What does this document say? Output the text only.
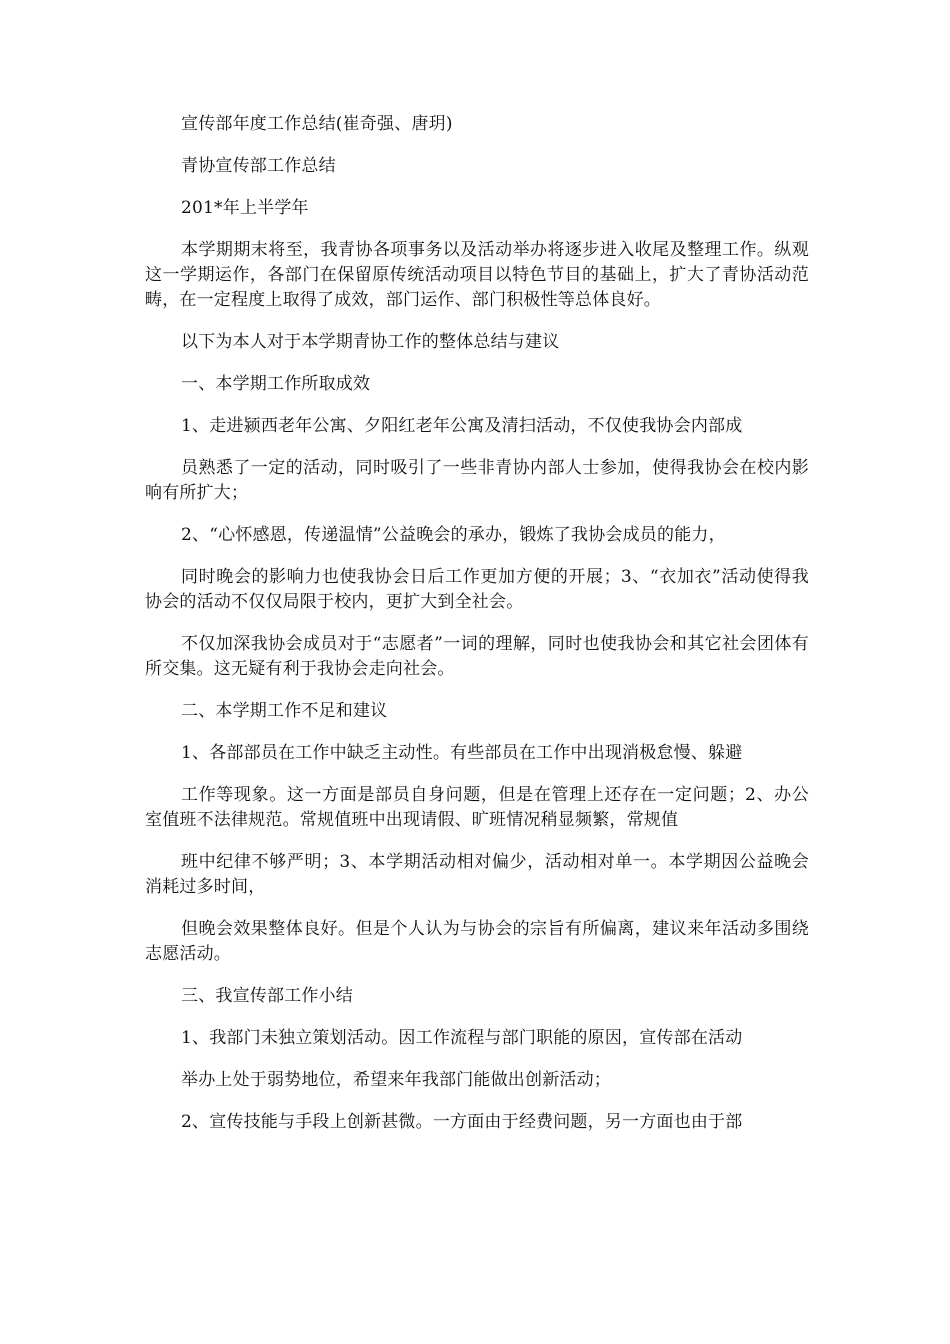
宣传部年度工作总结(崔奇强、唐玥)

青协宣传部工作总结

201*年上半学年

本学期期末将至，我青协各项事务以及活动举办将逐步进入收尾及整理工作。纵观这一学期运作，各部门在保留原传统活动项目以特色节目的基础上，扩大了青协活动范畴，在一定程度上取得了成效，部门运作、部门积极性等总体良好。

以下为本人对于本学期青协工作的整体总结与建议

一、本学期工作所取成效

1、走进颍西老年公寓、夕阳红老年公寓及清扫活动，不仅使我协会内部成

员熟悉了一定的活动，同时吸引了一些非青协内部人士参加，使得我协会在校内影响有所扩大；

2、“心怀感恩，传递温情”公益晚会的承办，锻炼了我协会成员的能力，

同时晚会的影响力也使我协会日后工作更加方便的开展；3、“衣加衣”活动使得我协会的活动不仅仅局限于校内，更扩大到全社会。

不仅加深我协会成员对于“志愿者”一词的理解，同时也使我协会和其它社会团体有所交集。这无疑有利于我协会走向社会。

二、本学期工作不足和建议

1、各部部员在工作中缺乏主动性。有些部员在工作中出现消极怠慢、躲避

工作等现象。这一方面是部员自身问题，但是在管理上还存在一定问题；2、办公室值班不法律规范。常规值班中出现请假、旷班情况稍显频繁，常规值

班中纪律不够严明；3、本学期活动相对偏少，活动相对单一。本学期因公益晚会消耗过多时间，

但晚会效果整体良好。但是个人认为与协会的宗旨有所偏离，建议来年活动多围绕志愿活动。

三、我宣传部工作小结

1、我部门未独立策划活动。因工作流程与部门职能的原因，宣传部在活动

举办上处于弱势地位，希望来年我部门能做出创新活动；

2、宣传技能与手段上创新甚微。一方面由于经费问题，另一方面也由于部
